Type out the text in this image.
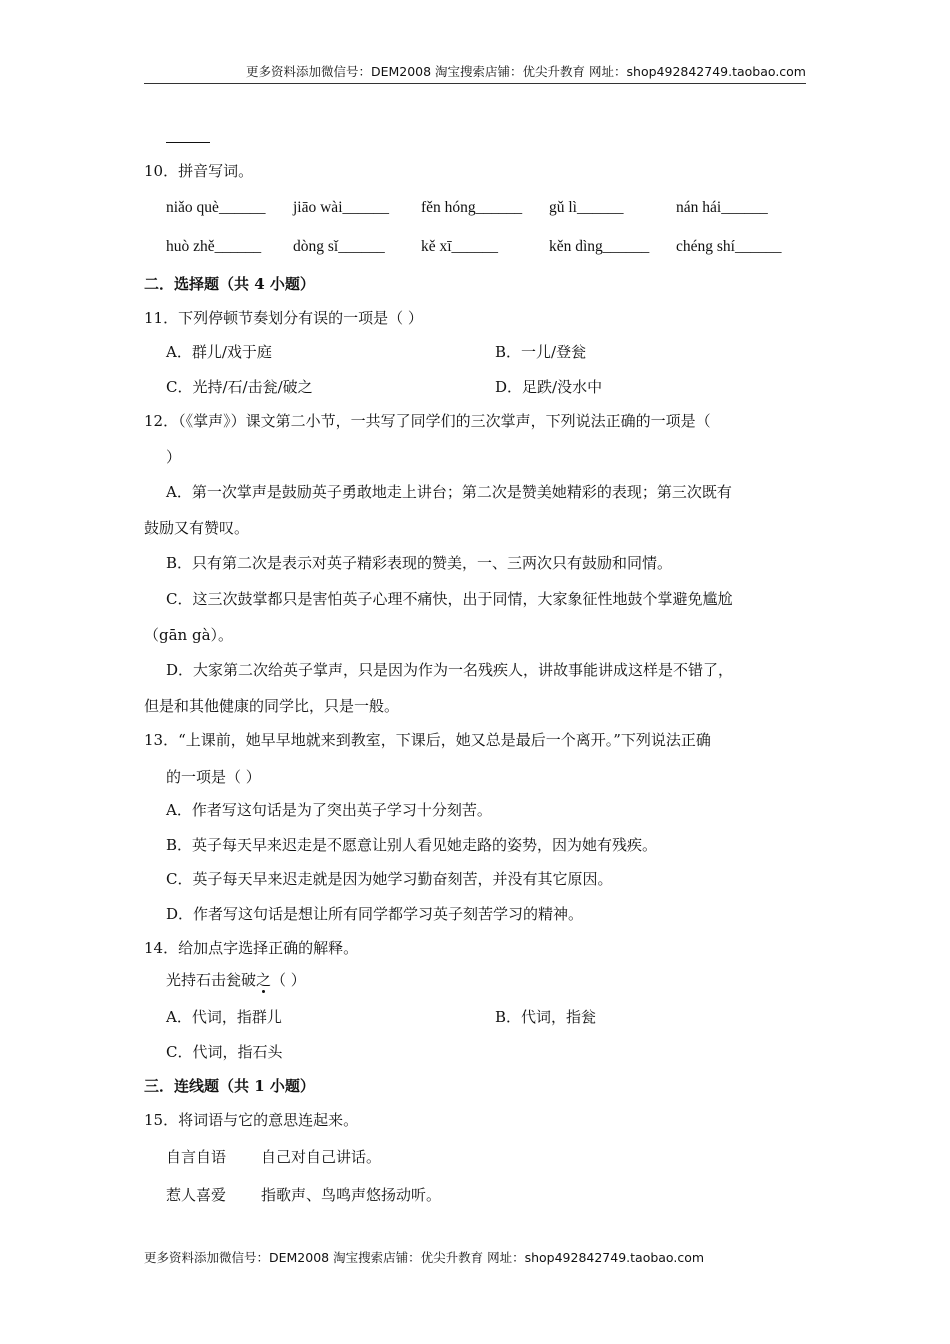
更多资料添加微信号：DEM2008 淘宝搜索店铺：优尖升教育 网址：shop492842749.taobao.com
10．拼音写词。
niǎo què______ jiāo wài______ fěn hóng______ gǔ lì______	nán hái______
huò zhě______ dòng sǐ______ kě xī______	kěn dìng______ chéng shí______
二．选择题（共 4 小题）
11．下列停顿节奏划分有误的一项是（ ）
A．群儿/戏于庭	B．一儿/登瓮
C．光持/石/击瓮/破之	D．足跌/没水中
12．（《掌声》）课文第二小节，一共写了同学们的三次掌声，下列说法正确的一项是（
）
A．第一次掌声是鼓励英子勇敢地走上讲台；第二次是赞美她精彩的表现；第三次既有
鼓励又有赞叹。
B．只有第二次是表示对英子精彩表现的赞美，一、三两次只有鼓励和同情。
C．这三次鼓掌都只是害怕英子心理不痛快，出于同情，大家象征性地鼓个掌避免尴尬
（gān gà）。
D．大家第二次给英子掌声，只是因为作为一名残疾人，讲故事能讲成这样是不错了，
但是和其他健康的同学比，只是一般。
13．“上课前，她早早地就来到教室，下课后，她又总是最后一个离开。”下列说法正确
的一项是（ ）
A．作者写这句话是为了突出英子学习十分刻苦。
B．英子每天早来迟走是不愿意让别人看见她走路的姿势，因为她有残疾。
C．英子每天早来迟走就是因为她学习勤奋刻苦，并没有其它原因。
D．作者写这句话是想让所有同学都学习英子刻苦学习的精神。
14．给加点字选择正确的解释。
光持石击瓮破之（ ）
A．代词，指群儿	B．代词，指瓮
C．代词，指石头
三．连线题（共 1 小题）
15．将词语与它的意思连起来。
自言自语 自己对自己讲话。
惹人喜爱 指歌声、鸟鸣声悠扬动听。
更多资料添加微信号：DEM2008 淘宝搜索店铺：优尖升教育 网址：shop492842749.taobao.com
